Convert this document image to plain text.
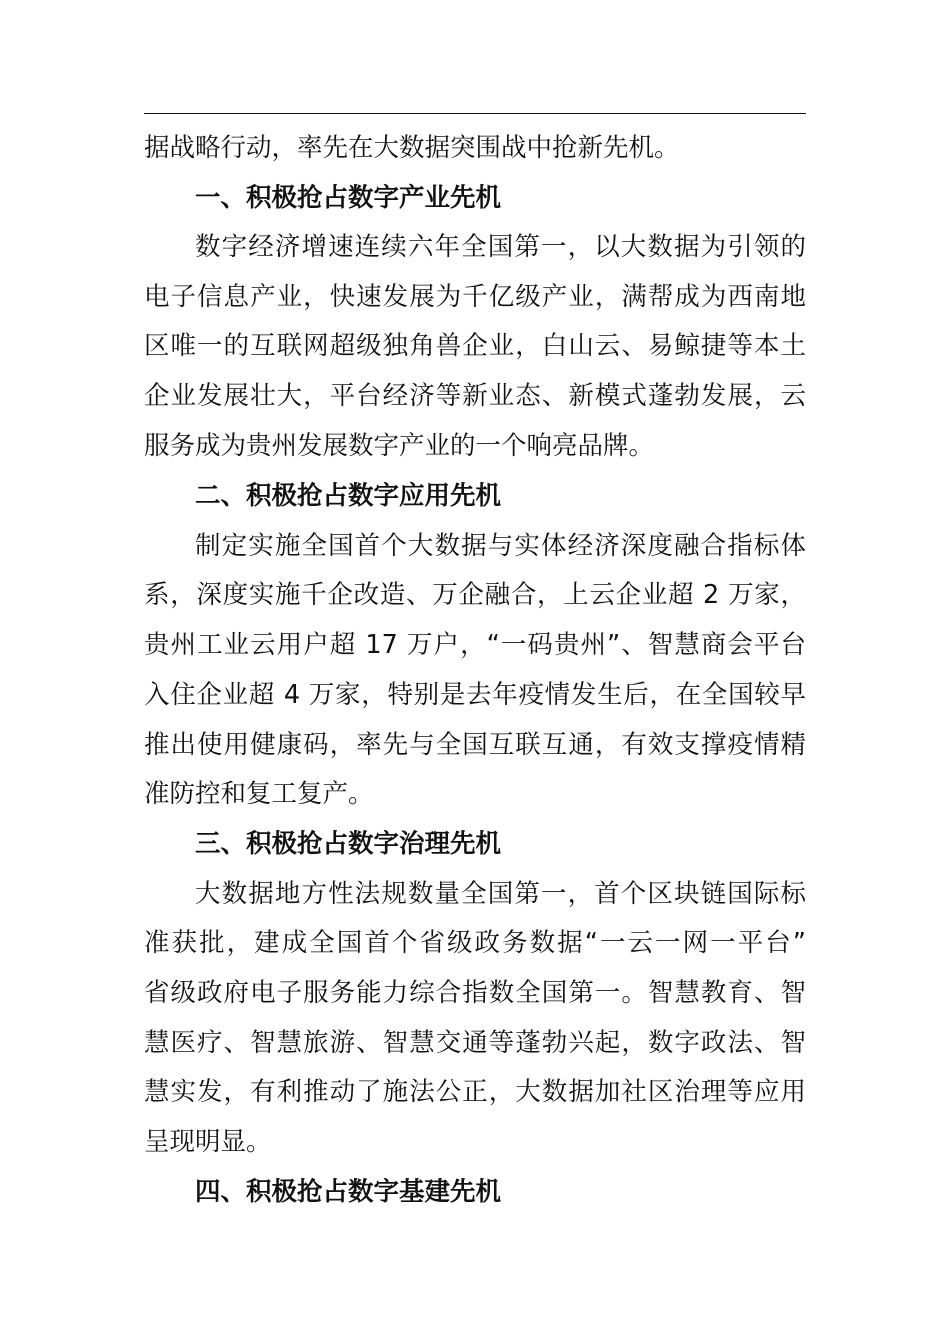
据战略行动，率先在大数据突围战中抢新先机。
一、积极抢占数字产业先机
数字经济增速连续六年全国第一，以大数据为引领的
电子信息产业，快速发展为千亿级产业，满帮成为西南地
区唯一的互联网超级独角兽企业，白山云、易鲸捷等本土
企业发展壮大，平台经济等新业态、新模式蓬勃发展，云
服务成为贵州发展数字产业的一个响亮品牌。
二、积极抢占数字应用先机
制定实施全国首个大数据与实体经济深度融合指标体
系，深度实施千企改造、万企融合，上云企业超 2 万家，
贵州工业云用户超 17 万户，“一码贵州”、智慧商会平台
入住企业超 4 万家，特别是去年疫情发生后，在全国较早
推出使用健康码，率先与全国互联互通，有效支撑疫情精
准防控和复工复产。
三、积极抢占数字治理先机
大数据地方性法规数量全国第一，首个区块链国际标
准获批，建成全国首个省级政务数据“一云一网一平台”
省级政府电子服务能力综合指数全国第一。智慧教育、智
慧医疗、智慧旅游、智慧交通等蓬勃兴起，数字政法、智
慧实发，有利推动了施法公正，大数据加社区治理等应用
呈现明显。
四、积极抢占数字基建先机
